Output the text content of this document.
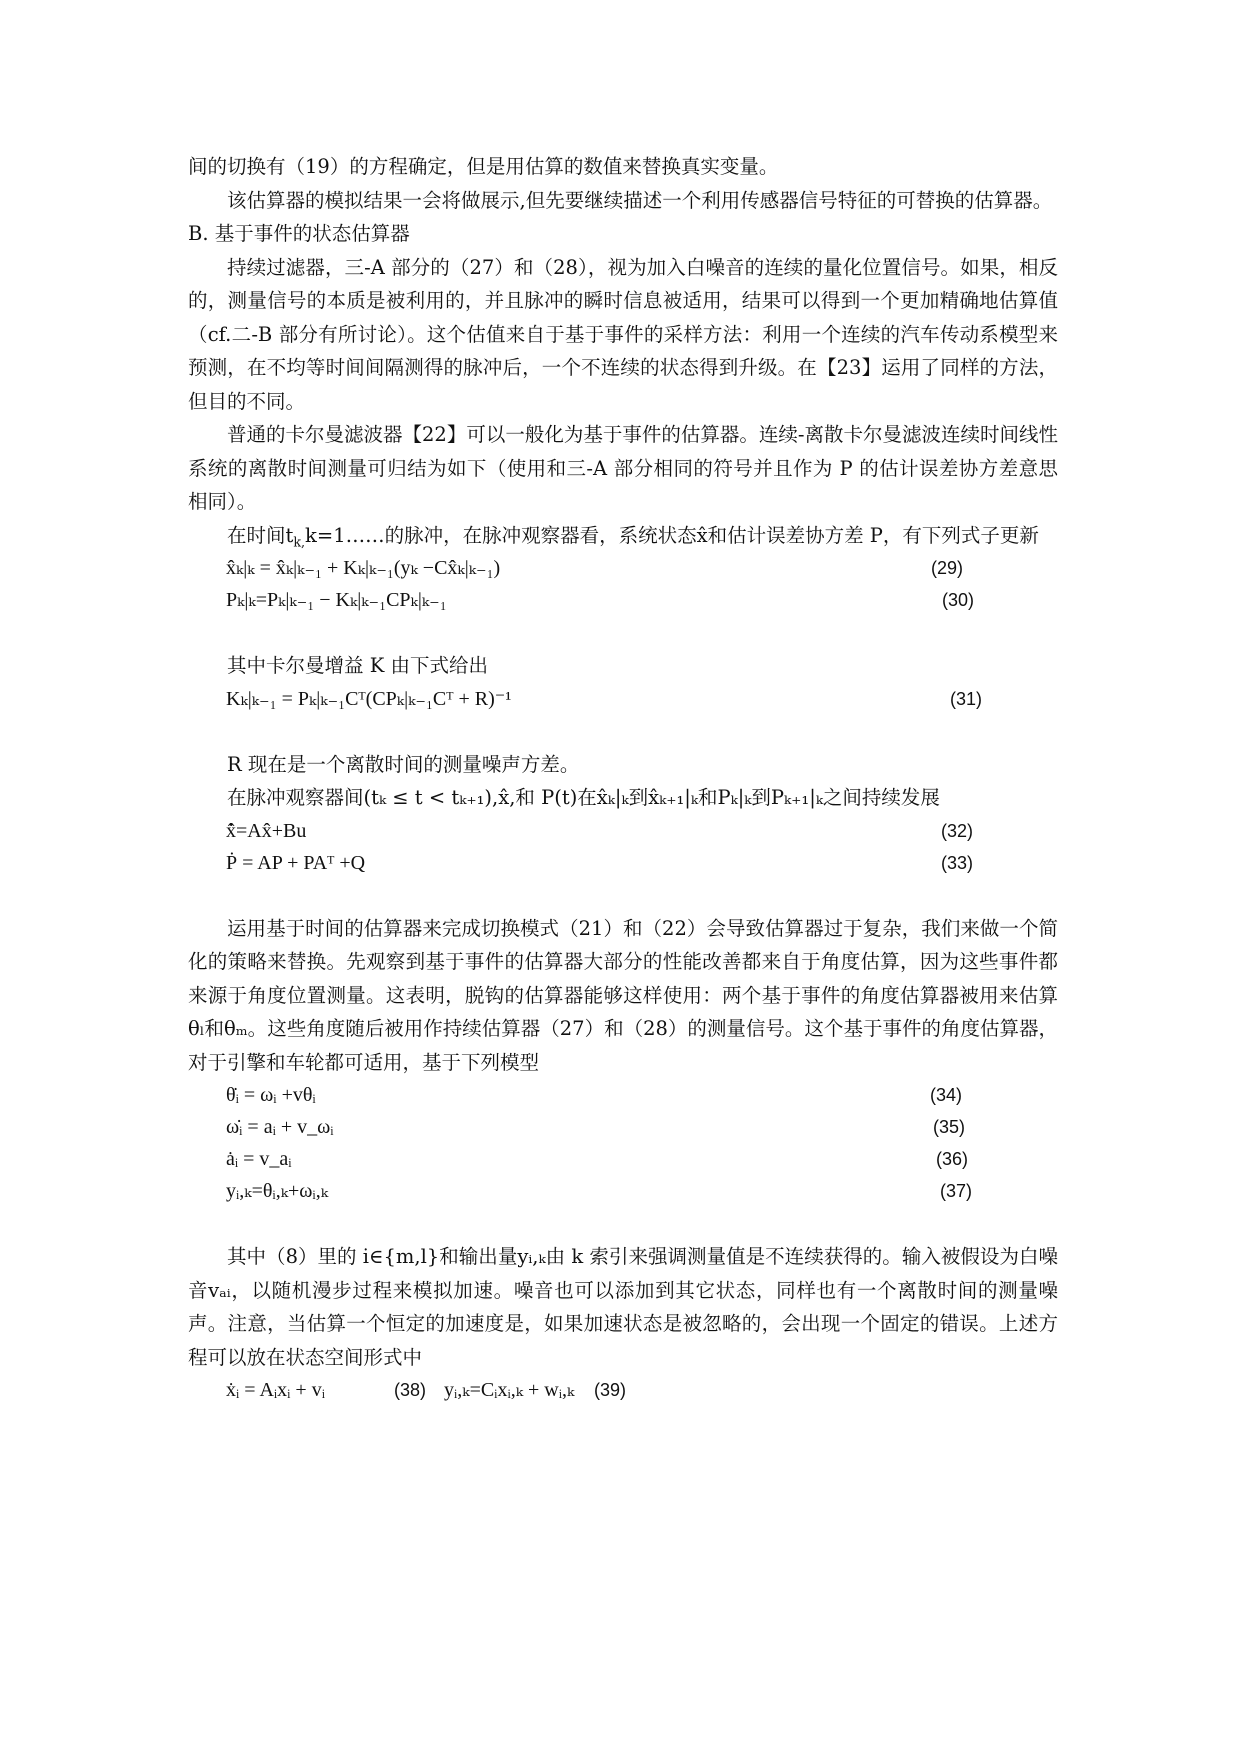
间的切换有（19）的方程确定，但是用估算的数值来替换真实变量。

该估算器的模拟结果一会将做展示,但先要继续描述一个利用传感器信号特征的可替换的估算器。

B. 基于事件的状态估算器

持续过滤器，三-A 部分的（27）和（28），视为加入白噪音的连续的量化位置信号。如果，相反的，测量信号的本质是被利用的，并且脉冲的瞬时信息被适用，结果可以得到一个更加精确地估算值（cf.二-B 部分有所讨论）。这个估值来自于基于事件的采样方法：利用一个连续的汽车传动系模型来预测，在不均等时间间隔测得的脉冲后，一个不连续的状态得到升级。在【23】运用了同样的方法，但目的不同。

普通的卡尔曼滤波器【22】可以一般化为基于事件的估算器。连续-离散卡尔曼滤波连续时间线性系统的离散时间测量可归结为如下（使用和三-A 部分相同的符号并且作为 P 的估计误差协方差意思相同）。

在时间$t_{k,}k=1\dots\dots$的脉冲，在脉冲观察器看，系统状态x̂和估计误差协方差 P，有下列式子更新

x̂ₖ|ₖ = x̂ₖ|ₖ₋₁ + Kₖ|ₖ₋₁(yₖ −Cx̂ₖ|ₖ₋₁)	(29)
Pₖ|ₖ=Pₖ|ₖ₋₁ − Kₖ|ₖ₋₁CPₖ|ₖ₋₁	(30)

其中卡尔曼增益 K 由下式给出

Kₖ|ₖ₋₁ = Pₖ|ₖ₋₁Cᵀ(CPₖ|ₖ₋₁Cᵀ + R)⁻¹	(31)

R 现在是一个离散时间的测量噪声方差。

在脉冲观察器间(tₖ ≤ t < tₖ₊₁),x̂,和 P(t)在x̂ₖ|ₖ到x̂ₖ₊₁|ₖ和Pₖ|ₖ到Pₖ₊₁|ₖ之间持续发展

x̂̇=Ax̂+Bu	(32)
Ṗ = AP + PAᵀ +Q	(33)

运用基于时间的估算器来完成切换模式（21）和（22）会导致估算器过于复杂，我们来做一个简化的策略来替换。先观察到基于事件的估算器大部分的性能改善都来自于角度估算，因为这些事件都来源于角度位置测量。这表明，脱钩的估算器能够这样使用：两个基于事件的角度估算器被用来估算θₗ和θₘ。这些角度随后被用作持续估算器（27）和（28）的测量信号。这个基于事件的角度估算器，对于引擎和车轮都可适用，基于下列模型

θ̇ᵢ = ωᵢ +vθᵢ	(34)
ω̇ᵢ = aᵢ + v_ωᵢ	(35)
ȧᵢ = v_aᵢ	(36)
yᵢ,ₖ=θᵢ,ₖ+ωᵢ,ₖ	(37)

其中（8）里的 i∈{m,l}和输出量yᵢ,ₖ由 k 索引来强调测量值是不连续获得的。输入被假设为白噪音vₐᵢ，以随机漫步过程来模拟加速。噪音也可以添加到其它状态，同样也有一个离散时间的测量噪声。注意，当估算一个恒定的加速度是，如果加速状态是被忽略的，会出现一个固定的错误。上述方程可以放在状态空间形式中

ẋᵢ = Aᵢxᵢ + vᵢ	(38) yᵢ,ₖ=Cᵢxᵢ,ₖ + wᵢ,ₖ (39)
